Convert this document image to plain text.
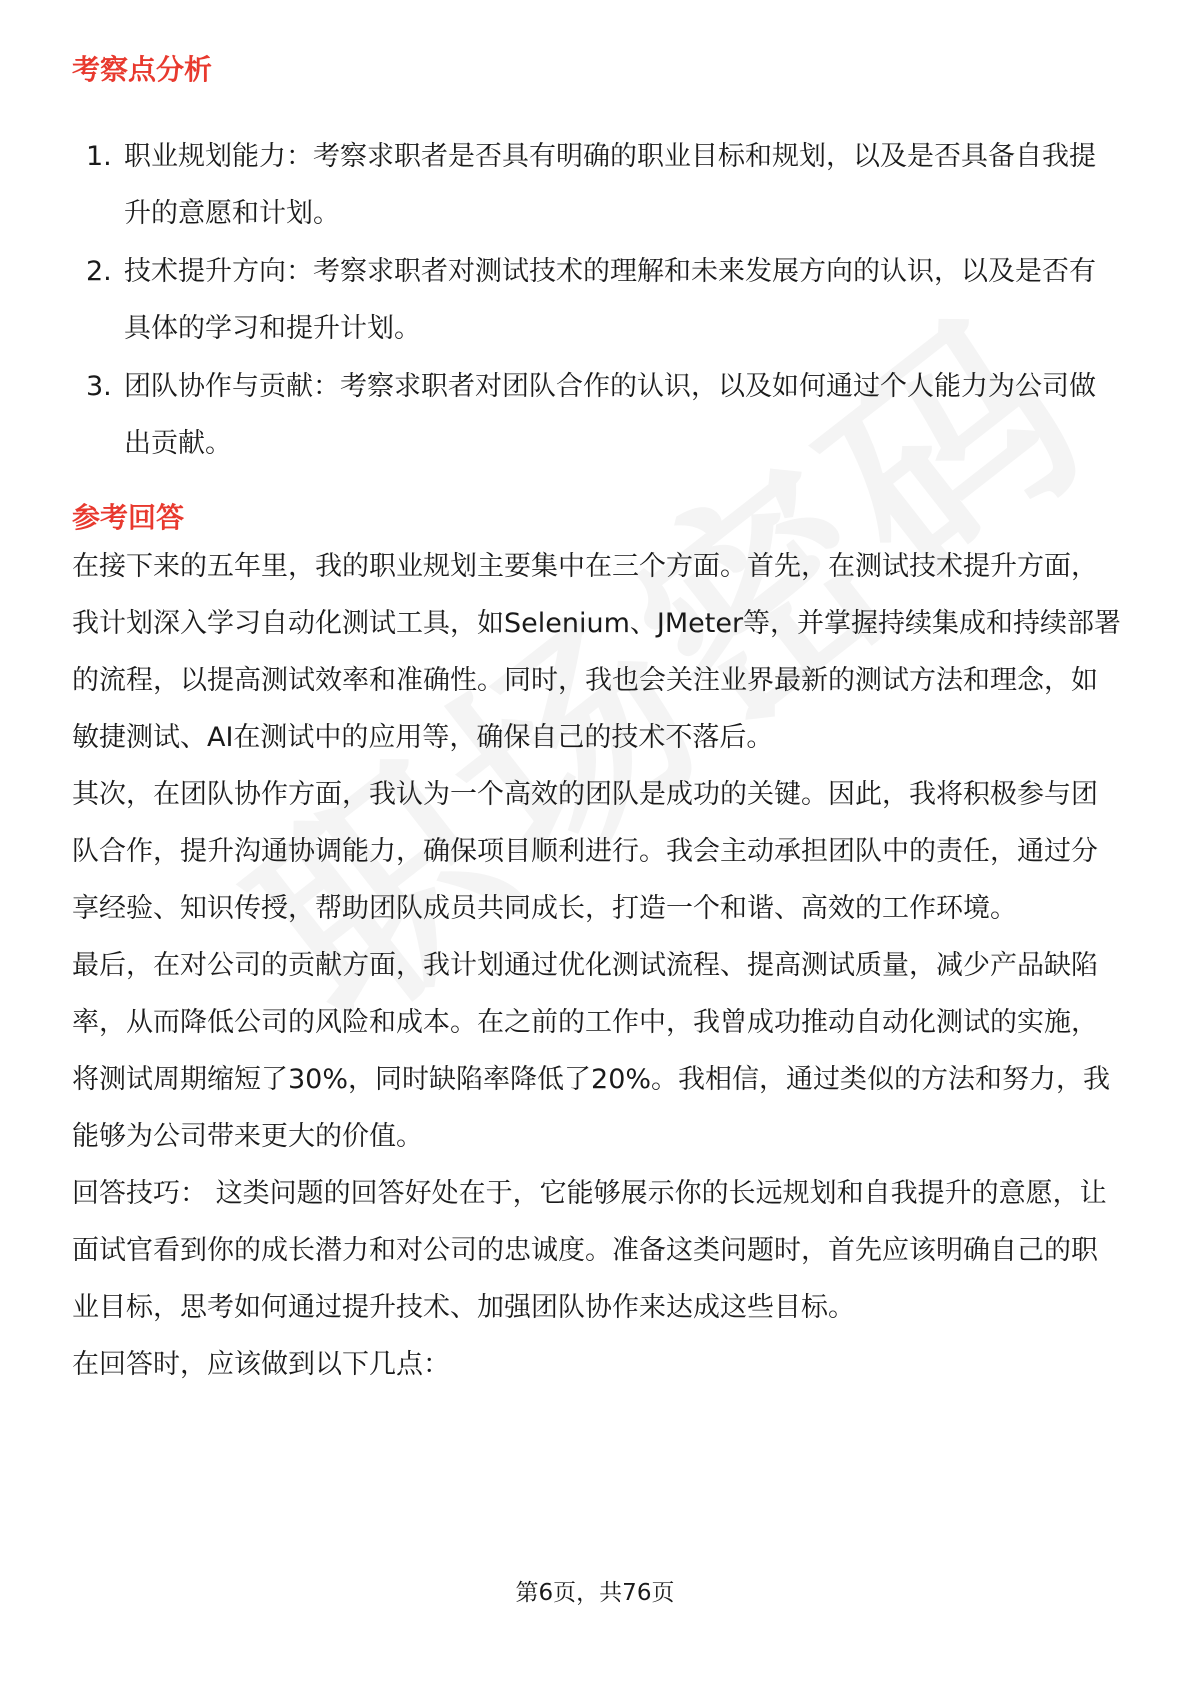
考察点分析
1. 职业规划能力：考察求职者是否具有明确的职业目标和规划，以及是否具备自我提升的意愿和计划。
2. 技术提升方向：考察求职者对测试技术的理解和未来发展方向的认识，以及是否有具体的学习和提升计划。
3. 团队协作与贡献：考察求职者对团队合作的认识，以及如何通过个人能力为公司做出贡献。
参考回答

在接下来的五年里，我的职业规划主要集中在三个方面。首先，在测试技术提升方面，我计划深入学习自动化测试工具，如Selenium、JMeter等，并掌握持续集成和持续部署的流程，以提高测试效率和准确性。同时，我也会关注业界最新的测试方法和理念，如敏捷测试、AI在测试中的应用等，确保自己的技术不落后。

其次，在团队协作方面，我认为一个高效的团队是成功的关键。因此，我将积极参与团队合作，提升沟通协调能力，确保项目顺利进行。我会主动承担团队中的责任，通过分享经验、知识传授，帮助团队成员共同成长，打造一个和谐、高效的工作环境。

最后，在对公司的贡献方面，我计划通过优化测试流程、提高测试质量，减少产品缺陷率，从而降低公司的风险和成本。在之前的工作中，我曾成功推动自动化测试的实施，将测试周期缩短了30%，同时缺陷率降低了20%。我相信，通过类似的方法和努力，我能够为公司带来更大的价值。

回答技巧： 这类问题的回答好处在于，它能够展示你的长远规划和自我提升的意愿，让面试官看到你的成长潜力和对公司的忠诚度。准备这类问题时，首先应该明确自己的职业目标，思考如何通过提升技术、加强团队协作来达成这些目标。

在回答时，应该做到以下几点：

第6页，共76页
